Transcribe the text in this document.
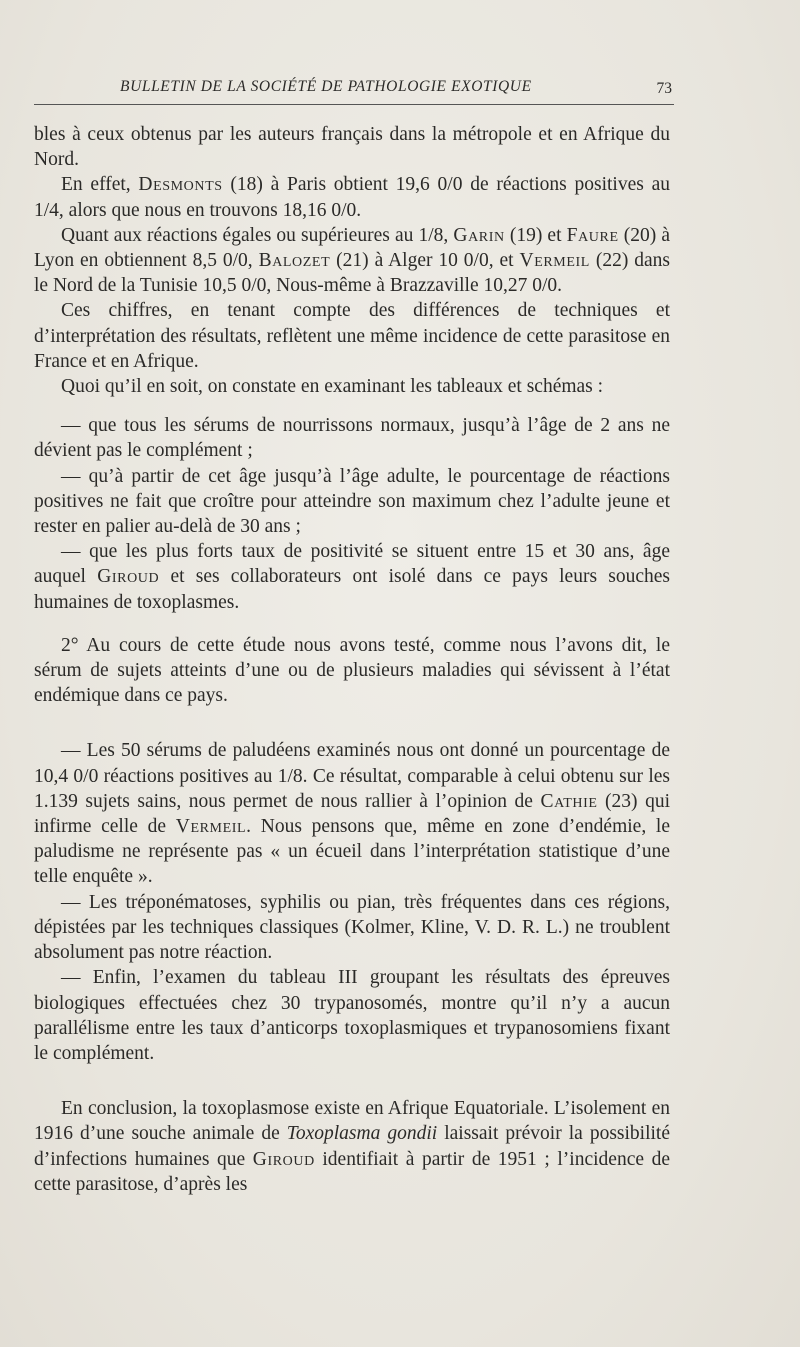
BULLETIN DE LA SOCIÉTÉ DE PATHOLOGIE EXOTIQUE	73

bles à ceux obtenus par les auteurs français dans la métropole et en Afrique du Nord.

En effet, Desmonts (18) à Paris obtient 19,6 0/0 de réactions positives au 1/4, alors que nous en trouvons 18,16 0/0.

Quant aux réactions égales ou supérieures au 1/8, Garin (19) et Faure (20) à Lyon en obtiennent 8,5 0/0, Balozet (21) à Alger 10 0/0, et Vermeil (22) dans le Nord de la Tunisie 10,5 0/0, Nous-même à Brazzaville 10,27 0/0.

Ces chiffres, en tenant compte des différences de techniques et d’interprétation des résultats, reflètent une même incidence de cette parasitose en France et en Afrique.

Quoi qu’il en soit, on constate en examinant les tableaux et schémas :

— que tous les sérums de nourrissons normaux, jusqu’à l’âge de 2 ans ne dévient pas le complément ;

— qu’à partir de cet âge jusqu’à l’âge adulte, le pourcentage de réactions positives ne fait que croître pour atteindre son maximum chez l’adulte jeune et rester en palier au-delà de 30 ans ;

— que les plus forts taux de positivité se situent entre 15 et 30 ans, âge auquel Giroud et ses collaborateurs ont isolé dans ce pays leurs souches humaines de toxoplasmes.

2° Au cours de cette étude nous avons testé, comme nous l’avons dit, le sérum de sujets atteints d’une ou de plusieurs maladies qui sévissent à l’état endémique dans ce pays.

— Les 50 sérums de paludéens examinés nous ont donné un pourcentage de 10,4 0/0 réactions positives au 1/8. Ce résultat, comparable à celui obtenu sur les 1.139 sujets sains, nous permet de nous rallier à l’opinion de Cathie (23) qui infirme celle de Vermeil. Nous pensons que, même en zone d’endémie, le paludisme ne représente pas « un écueil dans l’interprétation statistique d’une telle enquête ».

— Les tréponématoses, syphilis ou pian, très fréquentes dans ces régions, dépistées par les techniques classiques (Kolmer, Kline, V. D. R. L.) ne troublent absolument pas notre réaction.

— Enfin, l’examen du tableau III groupant les résultats des épreuves biologiques effectuées chez 30 trypanosomés, montre qu’il n’y a aucun parallélisme entre les taux d’anticorps toxoplasmiques et trypanosomiens fixant le complément.

En conclusion, la toxoplasmose existe en Afrique Equatoriale. L’isolement en 1916 d’une souche animale de Toxoplasma gondii laissait prévoir la possibilité d’infections humaines que Giroud identifiait à partir de 1951 ; l’incidence de cette parasitose, d’après les
